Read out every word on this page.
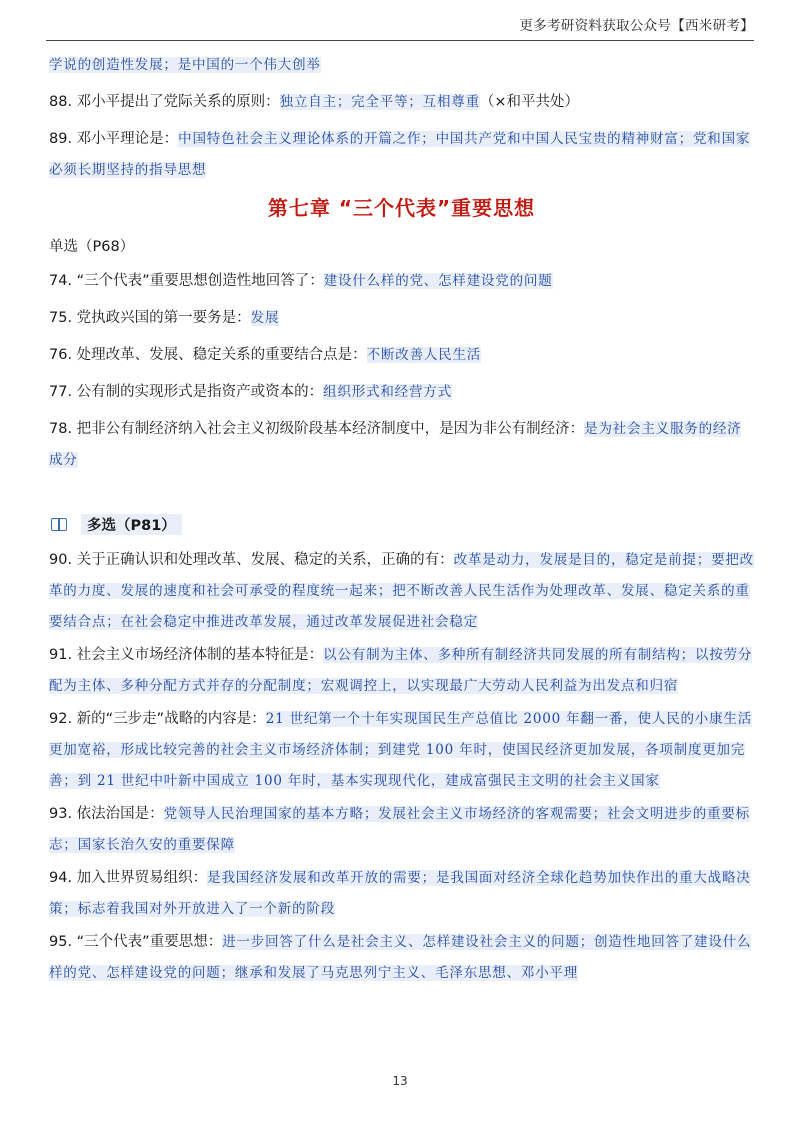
更多考研资料获取公众号【西米研考】

学说的创造性发展；是中国的一个伟大创举

88. 邓小平提出了党际关系的原则：独立自主；完全平等；互相尊重（×和平共处）

89. 邓小平理论是：中国特色社会主义理论体系的开篇之作；中国共产党和中国人民宝贵的精神财富；党和国家必须长期坚持的指导思想

第七章 “三个代表”重要思想
单选（P68）

74. “三个代表”重要思想创造性地回答了：建设什么样的党、怎样建设党的问题

75. 党执政兴国的第一要务是：发展

76. 处理改革、发展、稳定关系的重要结合点是：不断改善人民生活

77. 公有制的实现形式是指资产或资本的：组织形式和经营方式

78. 把非公有制经济纳入社会主义初级阶段基本经济制度中，是因为非公有制经济：是为社会主义服务的经济成分

多选（P81）

90. 关于正确认识和处理改革、发展、稳定的关系，正确的有：改革是动力，发展是目的，稳定是前提；要把改革的力度、发展的速度和社会可承受的程度统一起来；把不断改善人民生活作为处理改革、发展、稳定关系的重要结合点；在社会稳定中推进改革发展，通过改革发展促进社会稳定

91. 社会主义市场经济体制的基本特征是：以公有制为主体、多种所有制经济共同发展的所有制结构；以按劳分配为主体、多种分配方式并存的分配制度；宏观调控上，以实现最广大劳动人民利益为出发点和归宿

92. 新的“三步走”战略的内容是：21 世纪第一个十年实现国民生产总值比 2000 年翻一番，使人民的小康生活更加宽裕，形成比较完善的社会主义市场经济体制；到建党 100 年时，使国民经济更加发展，各项制度更加完善；到 21 世纪中叶新中国成立 100 年时，基本实现现代化，建成富强民主文明的社会主义国家

93. 依法治国是：党领导人民治理国家的基本方略；发展社会主义市场经济的客观需要；社会文明进步的重要标志；国家长治久安的重要保障

94. 加入世界贸易组织：是我国经济发展和改革开放的需要；是我国面对经济全球化趋势加快作出的重大战略决策；标志着我国对外开放进入了一个新的阶段

95. “三个代表”重要思想：进一步回答了什么是社会主义、怎样建设社会主义的问题；创造性地回答了建设什么样的党、怎样建设党的问题；继承和发展了马克思列宁主义、毛泽东思想、邓小平理

13
